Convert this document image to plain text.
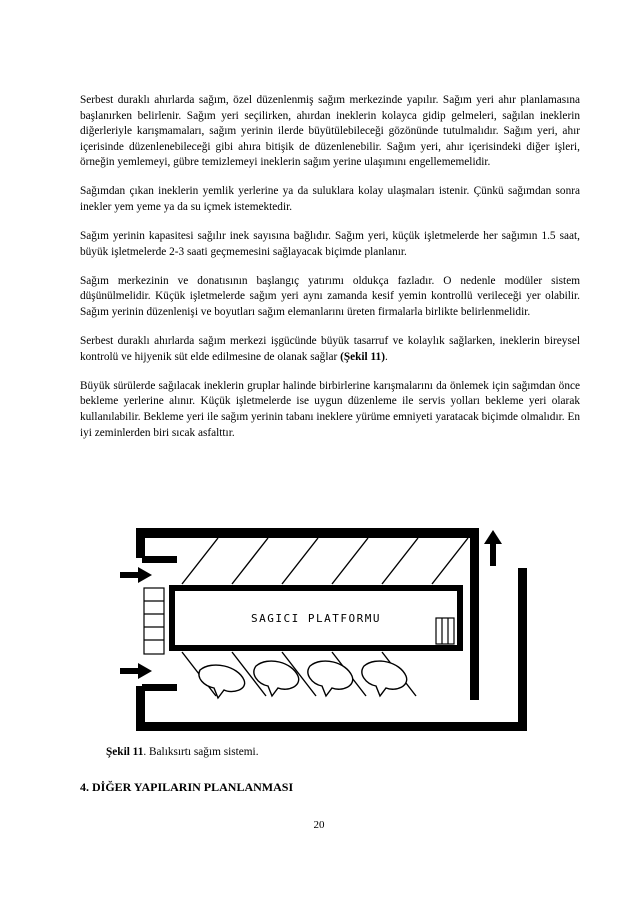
Serbest duraklı ahırlarda sağım, özel düzenlenmiş sağım merkezinde yapılır. Sağım yeri ahır planlamasına başlanırken belirlenir. Sağım yeri seçilirken, ahırdan ineklerin kolayca gidip gelmeleri, sağılan ineklerin diğerleriyle karışmamaları, sağım yerinin ilerde büyütülebileceği gözönünde tutulmalıdır. Sağım yeri, ahır içerisinde düzenlenebileceği gibi ahıra bitişik de düzenlenebilir. Sağım yeri, ahır içerisindeki diğer işleri, örneğin yemlemeyi, gübre temizlemeyi ineklerin sağım yerine ulaşımını engellememelidir.

Sağımdan çıkan ineklerin yemlik yerlerine ya da suluklara kolay ulaşmaları istenir. Çünkü sağımdan sonra inekler yem yeme ya da su içmek istemektedir.

Sağım yerinin kapasitesi sağılır inek sayısına bağlıdır. Sağım yeri, küçük işletmelerde her sağımın 1.5 saat, büyük işletmelerde 2-3 saati geçmemesini sağlayacak biçimde planlanır.

Sağım merkezinin ve donatısının başlangıç yatırımı oldukça fazladır. O nedenle modüler sistem düşünülmelidir. Küçük işletmelerde sağım yeri aynı zamanda kesif yemin kontrollü verileceği yer olabilir. Sağım yerinin düzenlenişi ve boyutları sağım elemanlarını üreten firmalarla birlikte belirlenmelidir.

Serbest duraklı ahırlarda sağım merkezi işgücünde büyük tasarruf ve kolaylık sağlarken, ineklerin bireysel kontrolü ve hijyenik süt elde edilmesine de olanak sağlar (Şekil 11).

Büyük sürülerde sağılacak ineklerin gruplar halinde birbirlerine karışmalarını da önlemek için sağımdan önce bekleme yerlerine alınır. Küçük işletmelerde ise uygun düzenleme ile servis yolları bekleme yeri olarak kullanılabilir. Bekleme yeri ile sağım yerinin tabanı ineklere yürüme emniyeti yaratacak biçimde olmalıdır. En iyi zeminlerden biri sıcak asfalttır.

SAGICI PLATFORMU
Şekil 11. Balıksırtı sağım sistemi.
4. DİĞER YAPILARIN PLANLANMASI
20
